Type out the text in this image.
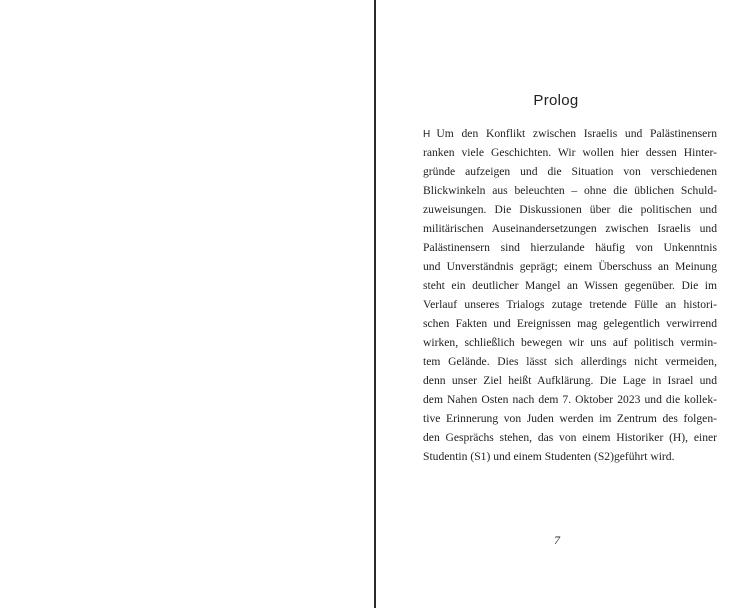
Prolog
H Um den Konflikt zwischen Israelis und Palästinensern
ranken viele Geschichten. Wir wollen hier dessen Hinter-
gründe aufzeigen und die Situation von verschiedenen
Blickwinkeln aus beleuchten – ohne die üblichen Schuld-
zuweisungen. Die Diskussionen über die politischen und
militärischen Auseinandersetzungen zwischen Israelis und
Palästinensern sind hierzulande häufig von Unkenntnis
und Unverständnis geprägt; einem Überschuss an Meinung
steht ein deutlicher Mangel an Wissen gegenüber. Die im
Verlauf unseres Trialogs zutage tretende Fülle an histori-
schen Fakten und Ereignissen mag gelegentlich verwirrend
wirken, schließlich bewegen wir uns auf politisch vermin-
tem Gelände. Dies lässt sich allerdings nicht vermeiden,
denn unser Ziel heißt Aufklärung. Die Lage in Israel und
dem Nahen Osten nach dem 7. Oktober 2023 und die kollek-
tive Erinnerung von Juden werden im Zentrum des folgen-
den Gesprächs stehen, das von einem Historiker (H), einer
Studentin (S1) und einem Studenten (S2)geführt wird.
7
